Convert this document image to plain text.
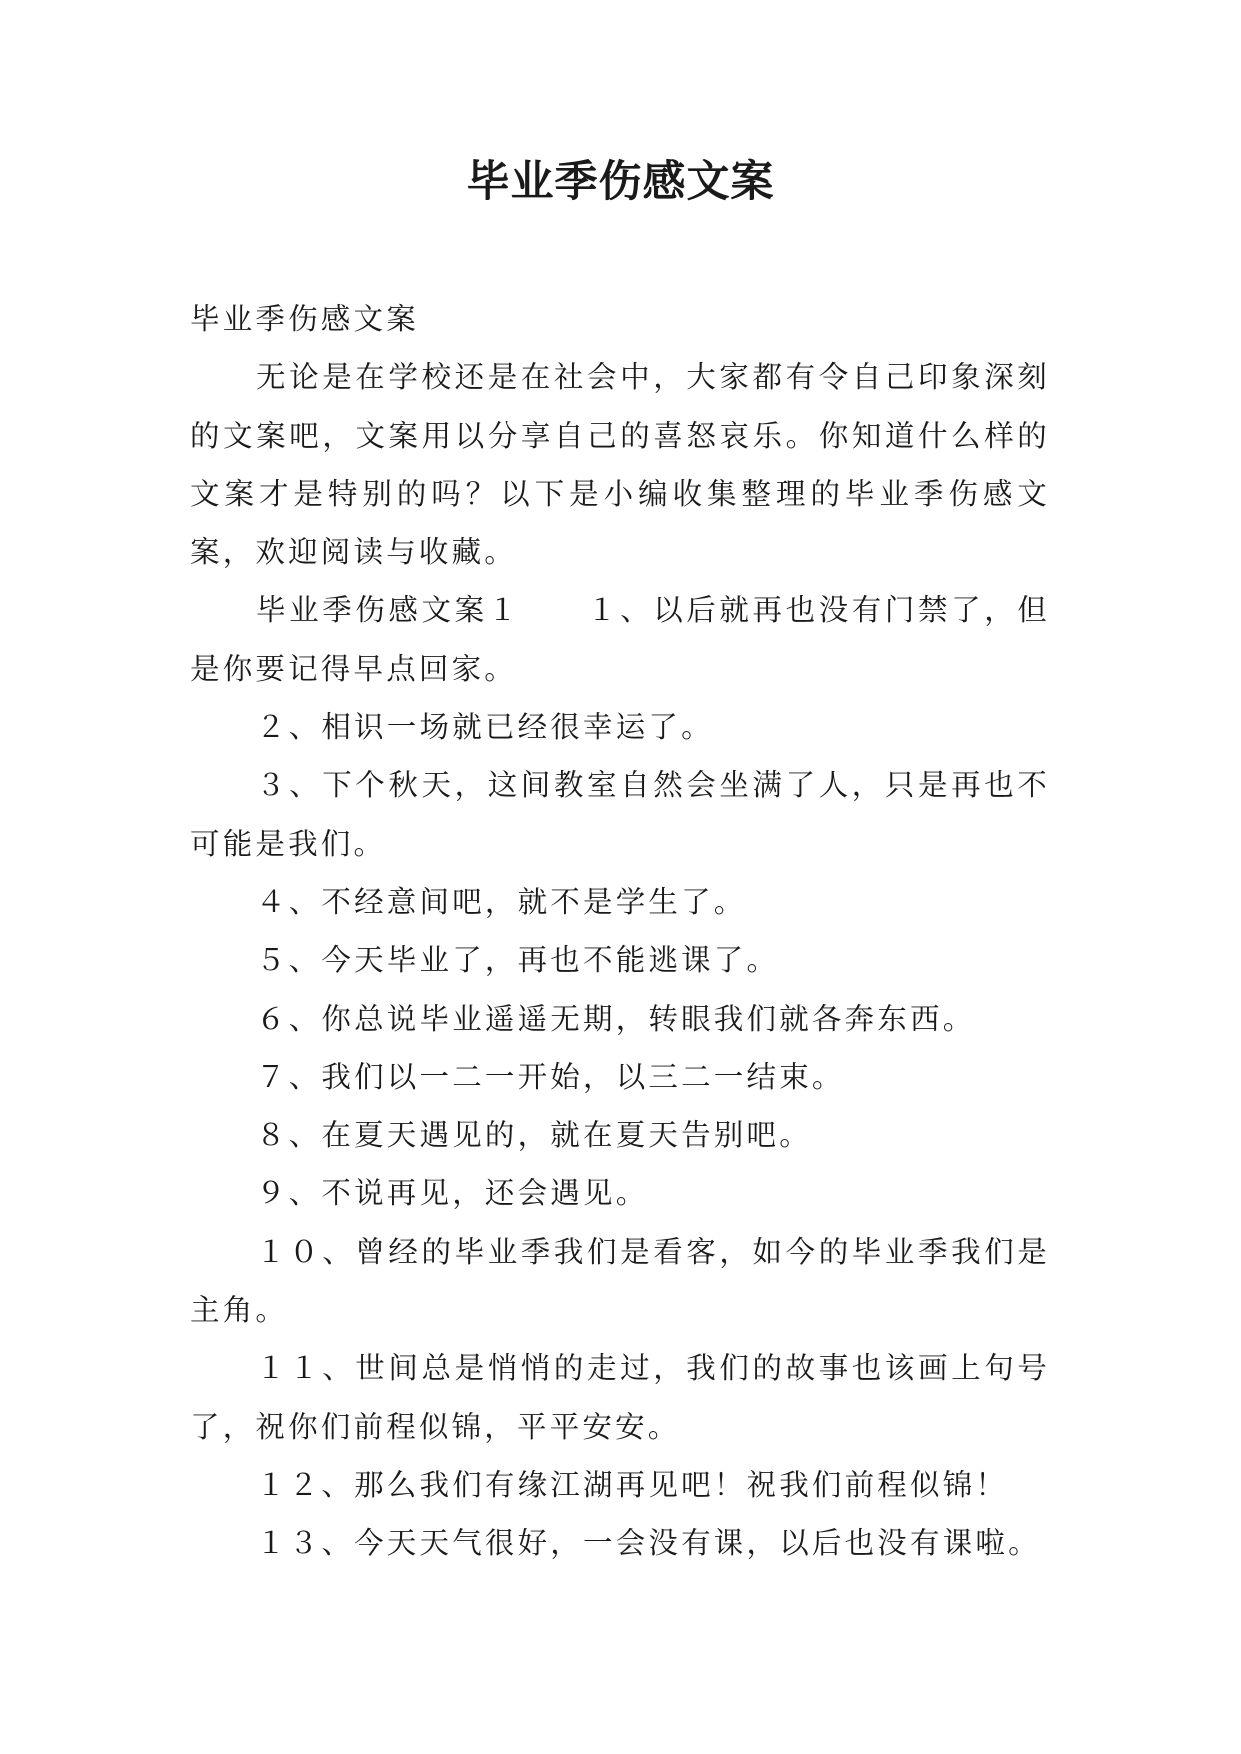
毕业季伤感文案

毕业季伤感文案

无论是在学校还是在社会中，大家都有令自己印象深刻的文案吧，文案用以分享自己的喜怒哀乐。你知道什么样的文案才是特别的吗？以下是小编收集整理的毕业季伤感文案，欢迎阅读与收藏。

毕业季伤感文案１　　１、以后就再也没有门禁了，但是你要记得早点回家。

２、相识一场就已经很幸运了。

３、下个秋天，这间教室自然会坐满了人，只是再也不可能是我们。

４、不经意间吧，就不是学生了。

５、今天毕业了，再也不能逃课了。

６、你总说毕业遥遥无期，转眼我们就各奔东西。

７、我们以一二一开始，以三二一结束。

８、在夏天遇见的，就在夏天告别吧。

９、不说再见，还会遇见。

１０、曾经的毕业季我们是看客，如今的毕业季我们是主角。

１１、世间总是悄悄的走过，我们的故事也该画上句号了，祝你们前程似锦，平平安安。

１２、那么我们有缘江湖再见吧！祝我们前程似锦！

１３、今天天气很好，一会没有课，以后也没有课啦。
